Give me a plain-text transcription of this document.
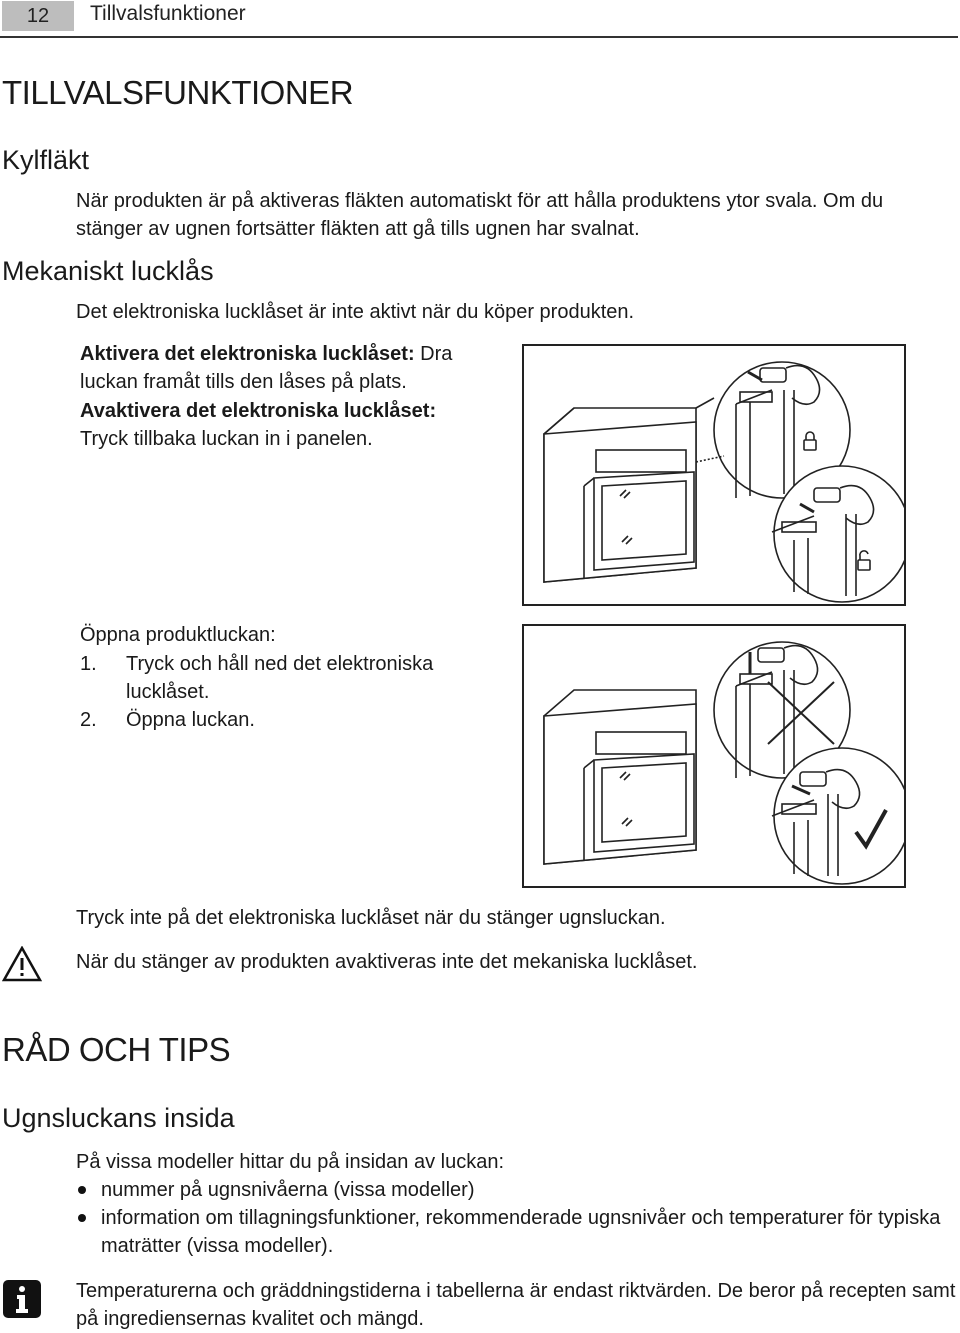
12	Tillvalsfunktioner
TILLVALSFUNKTIONER
Kylfläkt
När produkten är på aktiveras fläkten automatiskt för att hålla produktens ytor svala. Om du stänger av ugnen fortsätter fläkten att gå tills ugnen har svalnat.
Mekaniskt lucklås
Det elektroniska lucklåset är inte aktivt när du köper produkten.
Aktivera det elektroniska lucklåset: Dra luckan framåt tills den låses på plats.
Avaktivera det elektroniska lucklåset:
Tryck tillbaka luckan in i panelen.
Öppna produktluckan:
1. Tryck och håll ned det elektroniska lucklåset.
2. Öppna luckan.
Tryck inte på det elektroniska lucklåset när du stänger ugnsluckan.
När du stänger av produkten avaktiveras inte det mekaniska lucklåset.
RÅD OCH TIPS
Ugnsluckans insida
På vissa modeller hittar du på insidan av luckan:
nummer på ugnsnivåerna (vissa modeller)
information om tillagningsfunktioner, rekommenderade ugnsnivåer och temperaturer för typiska maträtter (vissa modeller).
Temperaturerna och gräddningstiderna i tabellerna är endast riktvärden. De beror på recepten samt på ingrediensernas kvalitet och mängd.
